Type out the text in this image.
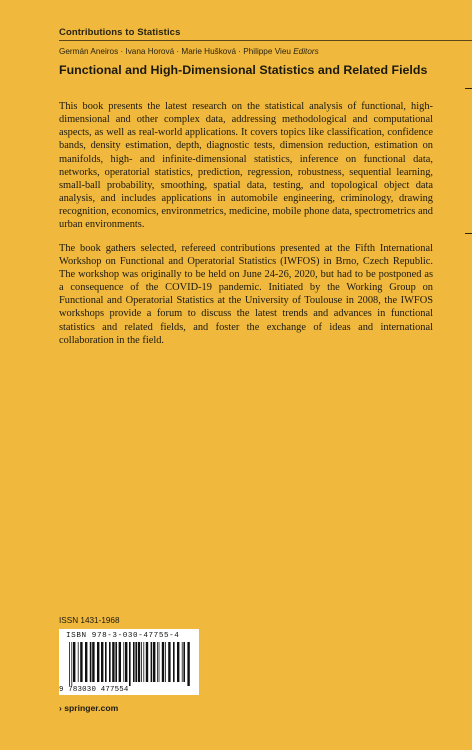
Contributions to Statistics
Germán Aneiros · Ivana Horová · Marie Hušková · Philippe Vieu Editors
Functional and High-Dimensional Statistics and Related Fields

This book presents the latest research on the statistical analysis of functional, high-dimensional and other complex data, addressing methodological and computational aspects, as well as real-world applications. It covers topics like classification, confidence bands, density estimation, depth, diagnostic tests, dimension reduction, estimation on manifolds, high- and infinite-dimensional statistics, inference on functional data, networks, operatorial statistics, prediction, regression, robustness, sequential learning, small-ball probability, smoothing, spatial data, testing, and topological object data analysis, and includes applications in automobile engineering, criminology, drawing recognition, economics, environmetrics, medicine, mobile phone data, spectrometrics and urban environments.

The book gathers selected, refereed contributions presented at the Fifth International Workshop on Functional and Operatorial Statistics (IWFOS) in Brno, Czech Republic. The workshop was originally to be held on June 24-26, 2020, but had to be postponed as a consequence of the COVID-19 pandemic. Initiated by the Working Group on Functional and Operatorial Statistics at the University of Toulouse in 2008, the IWFOS workshops provide a forum to discuss the latest trends and advances in functional statistics and related fields, and foster the exchange of ideas and international collaboration in the field.

ISSN 1431-1968
ISBN 978-3-030-47755-4
9 783030 477554
› springer.com
